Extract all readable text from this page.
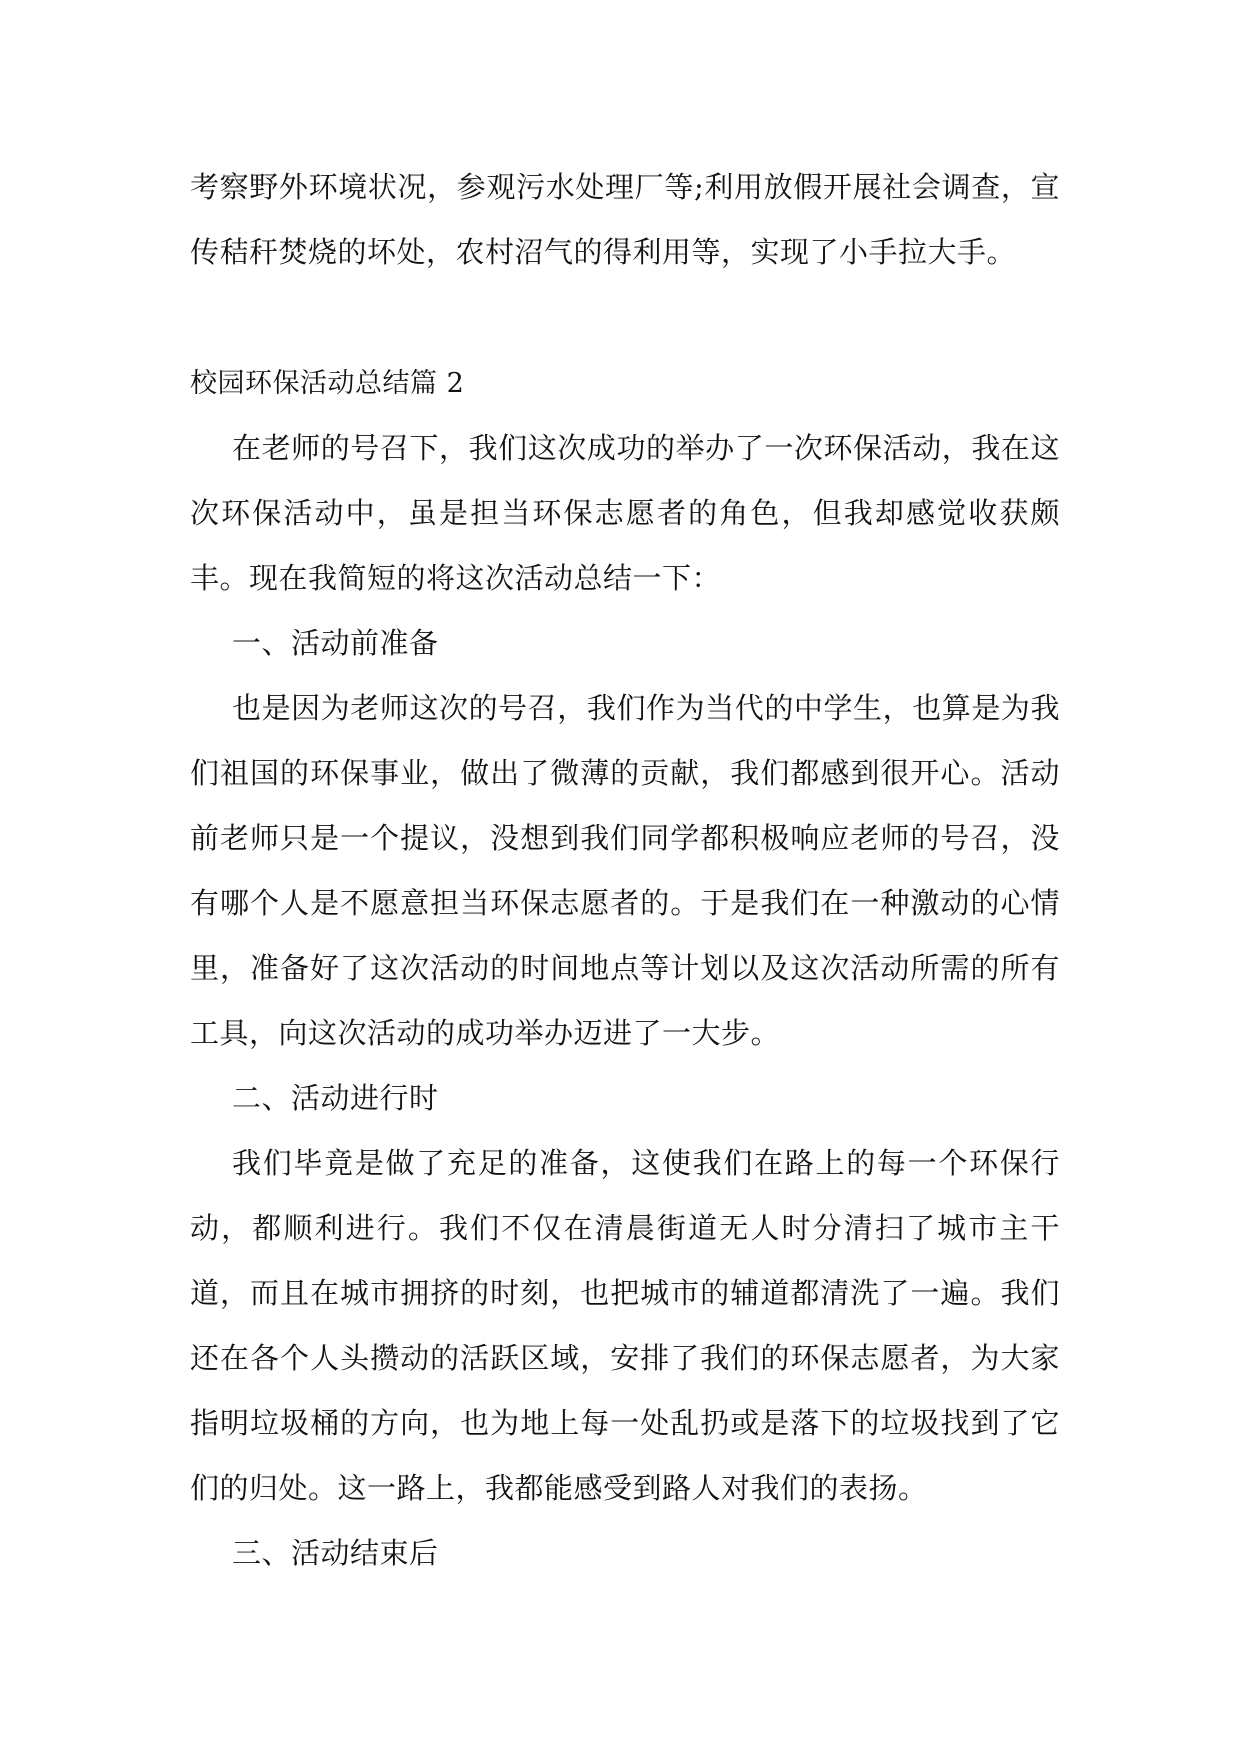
考察野外环境状况，参观污水处理厂等;利用放假开展社会调查，宣传秸秆焚烧的坏处，农村沼气的得利用等，实现了小手拉大手。

校园环保活动总结篇 2

在老师的号召下，我们这次成功的举办了一次环保活动，我在这次环保活动中，虽是担当环保志愿者的角色，但我却感觉收获颇丰。现在我简短的将这次活动总结一下：

一、活动前准备

也是因为老师这次的号召，我们作为当代的中学生，也算是为我们祖国的环保事业，做出了微薄的贡献，我们都感到很开心。活动前老师只是一个提议，没想到我们同学都积极响应老师的号召，没有哪个人是不愿意担当环保志愿者的。于是我们在一种激动的心情里，准备好了这次活动的时间地点等计划以及这次活动所需的所有工具，向这次活动的成功举办迈进了一大步。

二、活动进行时

我们毕竟是做了充足的准备，这使我们在路上的每一个环保行动，都顺利进行。我们不仅在清晨街道无人时分清扫了城市主干道，而且在城市拥挤的时刻，也把城市的辅道都清洗了一遍。我们还在各个人头攒动的活跃区域，安排了我们的环保志愿者，为大家指明垃圾桶的方向，也为地上每一处乱扔或是落下的垃圾找到了它们的归处。这一路上，我都能感受到路人对我们的表扬。

三、活动结束后
